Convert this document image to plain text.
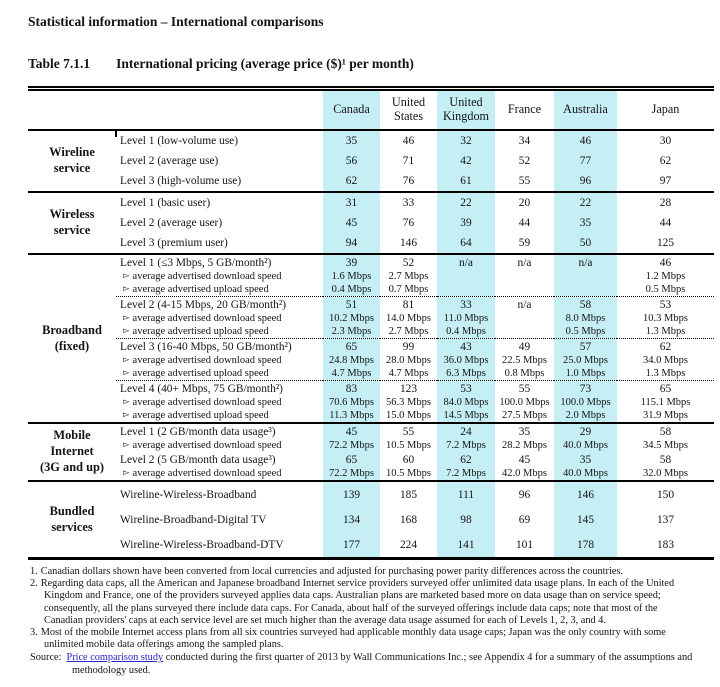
Statistical information – International comparisons
Table 7.1.1 International pricing (average price ($)¹ per month)
		Canada	United States	United Kingdom	France	Australia	Japan
Wireline
service	Level 1 (low-volume use)	35	46	32	34	46	30
	Level 2 (average use)	56	71	42	52	77	62
	Level 3 (high-volume use)	62	76	61	55	96	97
Wireless
service	Level 1 (basic user)	31	33	22	20	22	28
	Level 2 (average user)	45	76	39	44	35	44
	Level 3 (premium user)	94	146	64	59	50	125
Broadband
(fixed)	Level 1 (≤3 Mbps, 5 GB/month²)	39	52	n/a	n/a	n/a	46
	▻ average advertised download speed	1.6 Mbps	2.7 Mbps				1.2 Mbps
	▻ average advertised upload speed	0.4 Mbps	0.7 Mbps				0.5 Mbps
	Level 2 (4-15 Mbps, 20 GB/month²)	51	81	33	n/a	58	53
	▻ average advertised download speed	10.2 Mbps	14.0 Mbps	11.0 Mbps		8.0 Mbps	10.3 Mbps
	▻ average advertised upload speed	2.3 Mbps	2.7 Mbps	0.4 Mbps		0.5 Mbps	1.3 Mbps
	Level 3 (16-40 Mbps, 50 GB/month²)	65	99	43	49	57	62
	▻ average advertised download speed	24.8 Mbps	28.0 Mbps	36.0 Mbps	22.5 Mbps	25.0 Mbps	34.0 Mbps
	▻ average advertised upload speed	4.7 Mbps	4.7 Mbps	6.3 Mbps	0.8 Mbps	1.0 Mbps	1.3 Mbps
	Level 4 (40+ Mbps, 75 GB/month²)	83	123	53	55	73	65
	▻ average advertised download speed	70.6 Mbps	56.3 Mbps	84.0 Mbps	100.0 Mbps	100.0 Mbps	115.1 Mbps
	▻ average advertised upload speed	11.3 Mbps	15.0 Mbps	14.5 Mbps	27.5 Mbps	2.0 Mbps	31.9 Mbps
Mobile
Internet
(3G and up)	Level 1 (2 GB/month data usage³)	45	55	24	35	29	58
	▻ average advertised download speed	72.2 Mbps	10.5 Mbps	7.2 Mbps	28.2 Mbps	40.0 Mbps	34.5 Mbps
	Level 2 (5 GB/month data usage³)	65	60	62	45	35	58
	▻ average advertised download speed	72.2 Mbps	10.5 Mbps	7.2 Mbps	42.0 Mbps	40.0 Mbps	32.0 Mbps
Bundled
services	Wireline-Wireless-Broadband	139	185	111	96	146	150
	Wireline-Broadband-Digital TV	134	168	98	69	145	137
	Wireline-Wireless-Broadband-DTV	177	224	141	101	178	183
1. Canadian dollars shown have been converted from local currencies and adjusted for purchasing power parity differences across the countries.
2. Regarding data caps, all the American and Japanese broadband Internet service providers surveyed offer unlimited data usage plans. In each of the United Kingdom and France, one of the providers surveyed applies data caps. Australian plans are marketed based more on data usage than on service speed; consequently, all the plans surveyed there include data caps. For Canada, about half of the surveyed offerings include data caps; note that most of the Canadian providers' caps at each service level are set much higher than the average data usage assumed for each of Levels 1, 2, 3, and 4.
3. Most of the mobile Internet access plans from all six countries surveyed had applicable monthly data usage caps; Japan was the only country with some unlimited mobile data offerings among the sampled plans.
Source: Price comparison study conducted during the first quarter of 2013 by Wall Communications Inc.; see Appendix 4 for a summary of the assumptions and methodology used.
